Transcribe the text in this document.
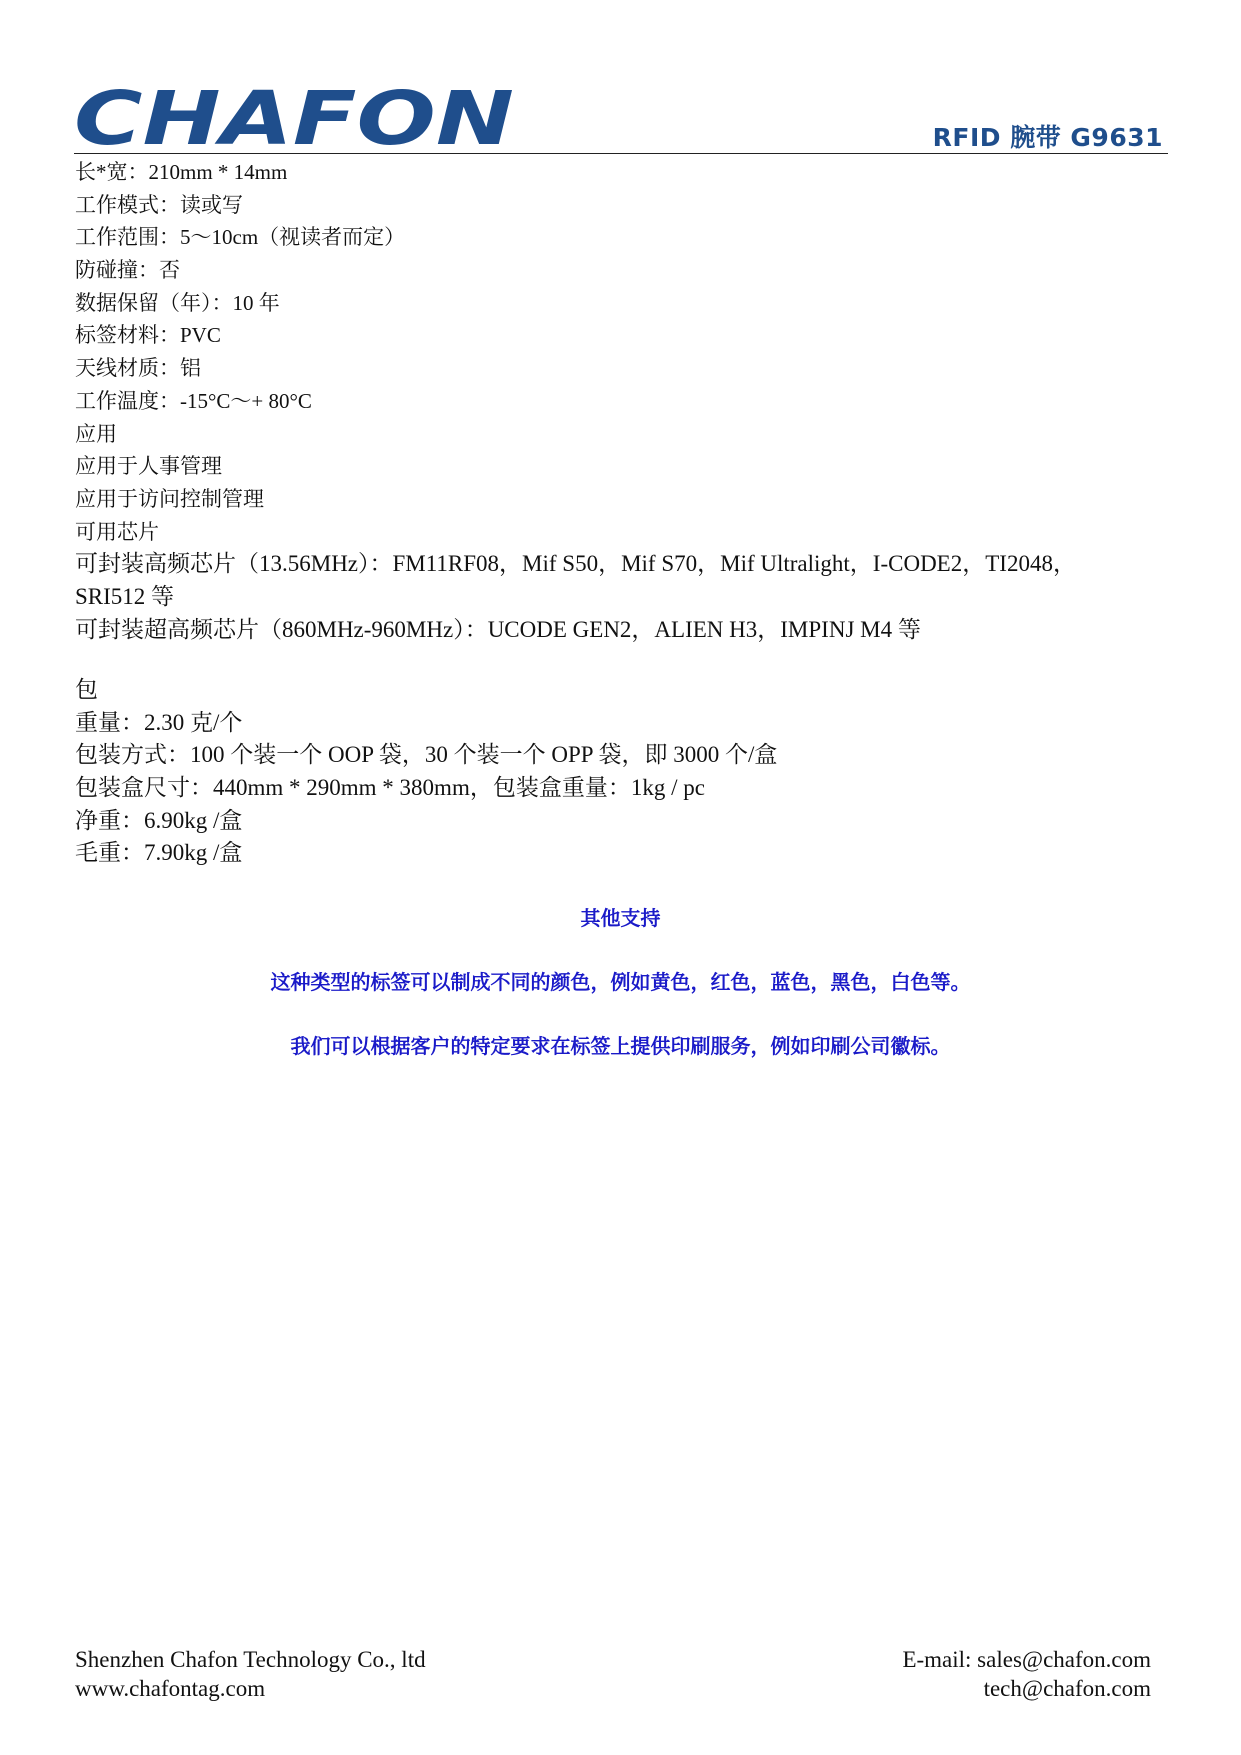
CHAFON	RFID 腕带 G9631
长*宽：210mm * 14mm
工作模式：读或写
工作范围：5～10cm（视读者而定）
防碰撞：否
数据保留（年）：10 年
标签材料：PVC
天线材质：铝
工作温度：-15°C～+ 80°C
应用
应用于人事管理
应用于访问控制管理
可用芯片
可封装高频芯片（13.56MHz）：FM11RF08，Mif S50，Mif S70，Mif Ultralight，I-CODE2，TI2048，
SRI512 等
可封装超高频芯片（860MHz-960MHz）：UCODE GEN2，ALIEN H3，IMPINJ M4 等
包
重量：2.30 克/个
包装方式：100 个装一个 OOP 袋，30 个装一个 OPP 袋，即 3000 个/盒
包装盒尺寸：440mm * 290mm * 380mm，包装盒重量：1kg / pc
净重：6.90kg /盒
毛重：7.90kg /盒
其他支持
这种类型的标签可以制成不同的颜色，例如黄色，红色，蓝色，黑色，白色等。
我们可以根据客户的特定要求在标签上提供印刷服务，例如印刷公司徽标。
Shenzhen Chafon Technology Co., ltd
www.chafontag.com
E-mail: sales@chafon.com
tech@chafon.com
